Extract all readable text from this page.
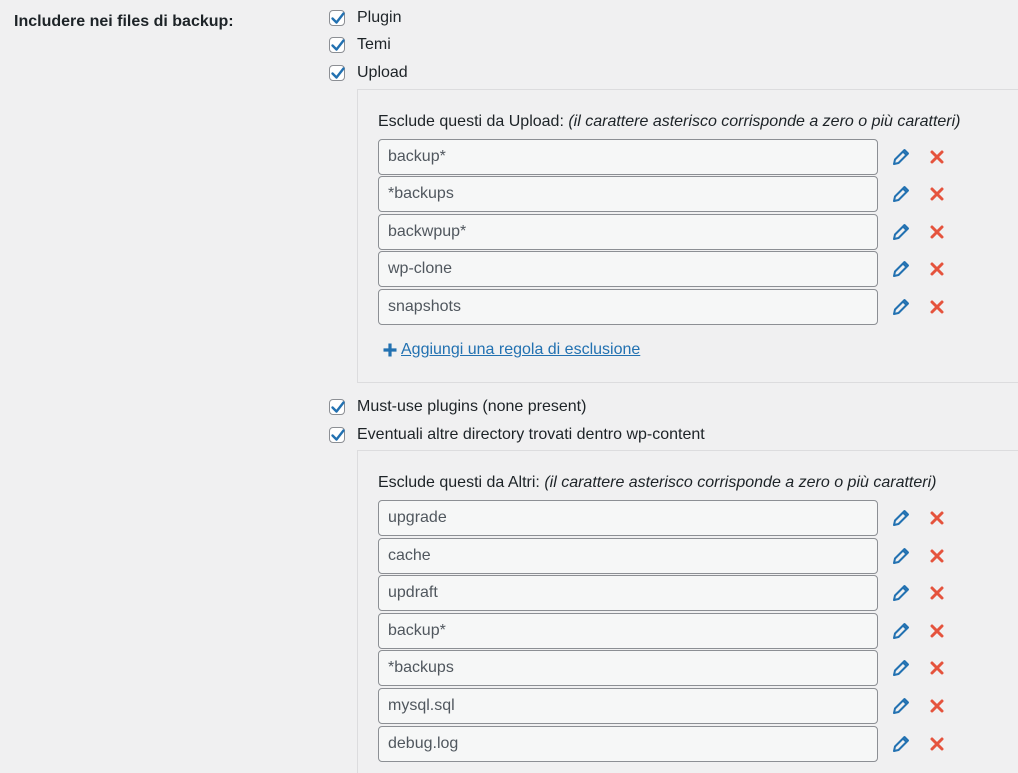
Includere nei files di backup:	Plugin
Temi
Upload
Esclude questi da Upload: (il carattere asterisco corrisponde a zero o più caratteri)
backup*
*backups
backwpup*
wp-clone
snapshots
Aggiungi una regola di esclusione
Must-use plugins (none present)
Eventuali altre directory trovati dentro wp-content
Esclude questi da Altri: (il carattere asterisco corrisponde a zero o più caratteri)
upgrade
cache
updraft
backup*
*backups
mysql.sql
debug.log
